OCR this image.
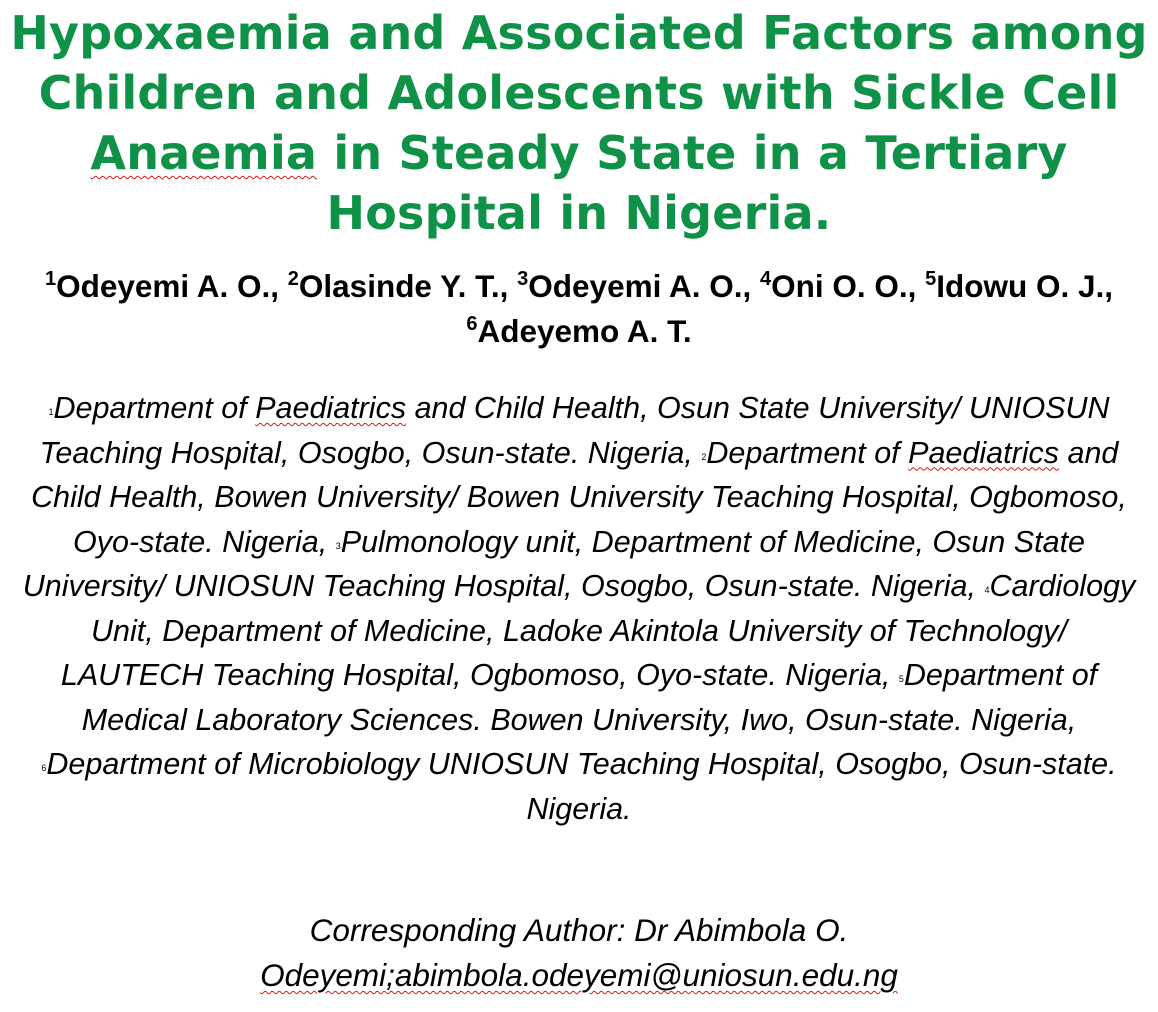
Hypoxaemia and Associated Factors among Children and Adolescents with Sickle Cell Anaemia in Steady State in a Tertiary Hospital in Nigeria.
$^1$Odeyemi A. O., $^2$Olasinde Y. T., $^3$Odeyemi A. O., $^4$Oni O. O., $^5$Idowu O. J., $^6$Adeyemo A. T.
$^1$Department of Paediatrics and Child Health, Osun State University/ UNIOSUN Teaching Hospital, Osogbo, Osun-state. Nigeria, $^2$Department of Paediatrics and Child Health, Bowen University/ Bowen University Teaching Hospital, Ogbomoso, Oyo-state. Nigeria, $^3$Pulmonology unit, Department of Medicine, Osun State University/ UNIOSUN Teaching Hospital, Osogbo, Osun-state. Nigeria, $^4$Cardiology Unit, Department of Medicine, Ladoke Akintola University of Technology/ LAUTECH Teaching Hospital, Ogbomoso, Oyo-state. Nigeria, $^5$Department of Medical Laboratory Sciences. Bowen University, Iwo, Osun-state. Nigeria, $^6$Department of Microbiology UNIOSUN Teaching Hospital, Osogbo, Osun-state. Nigeria.
Corresponding Author: Dr Abimbola O.
Odeyemi;abimbola.odeyemi@uniosun.edu.ng
